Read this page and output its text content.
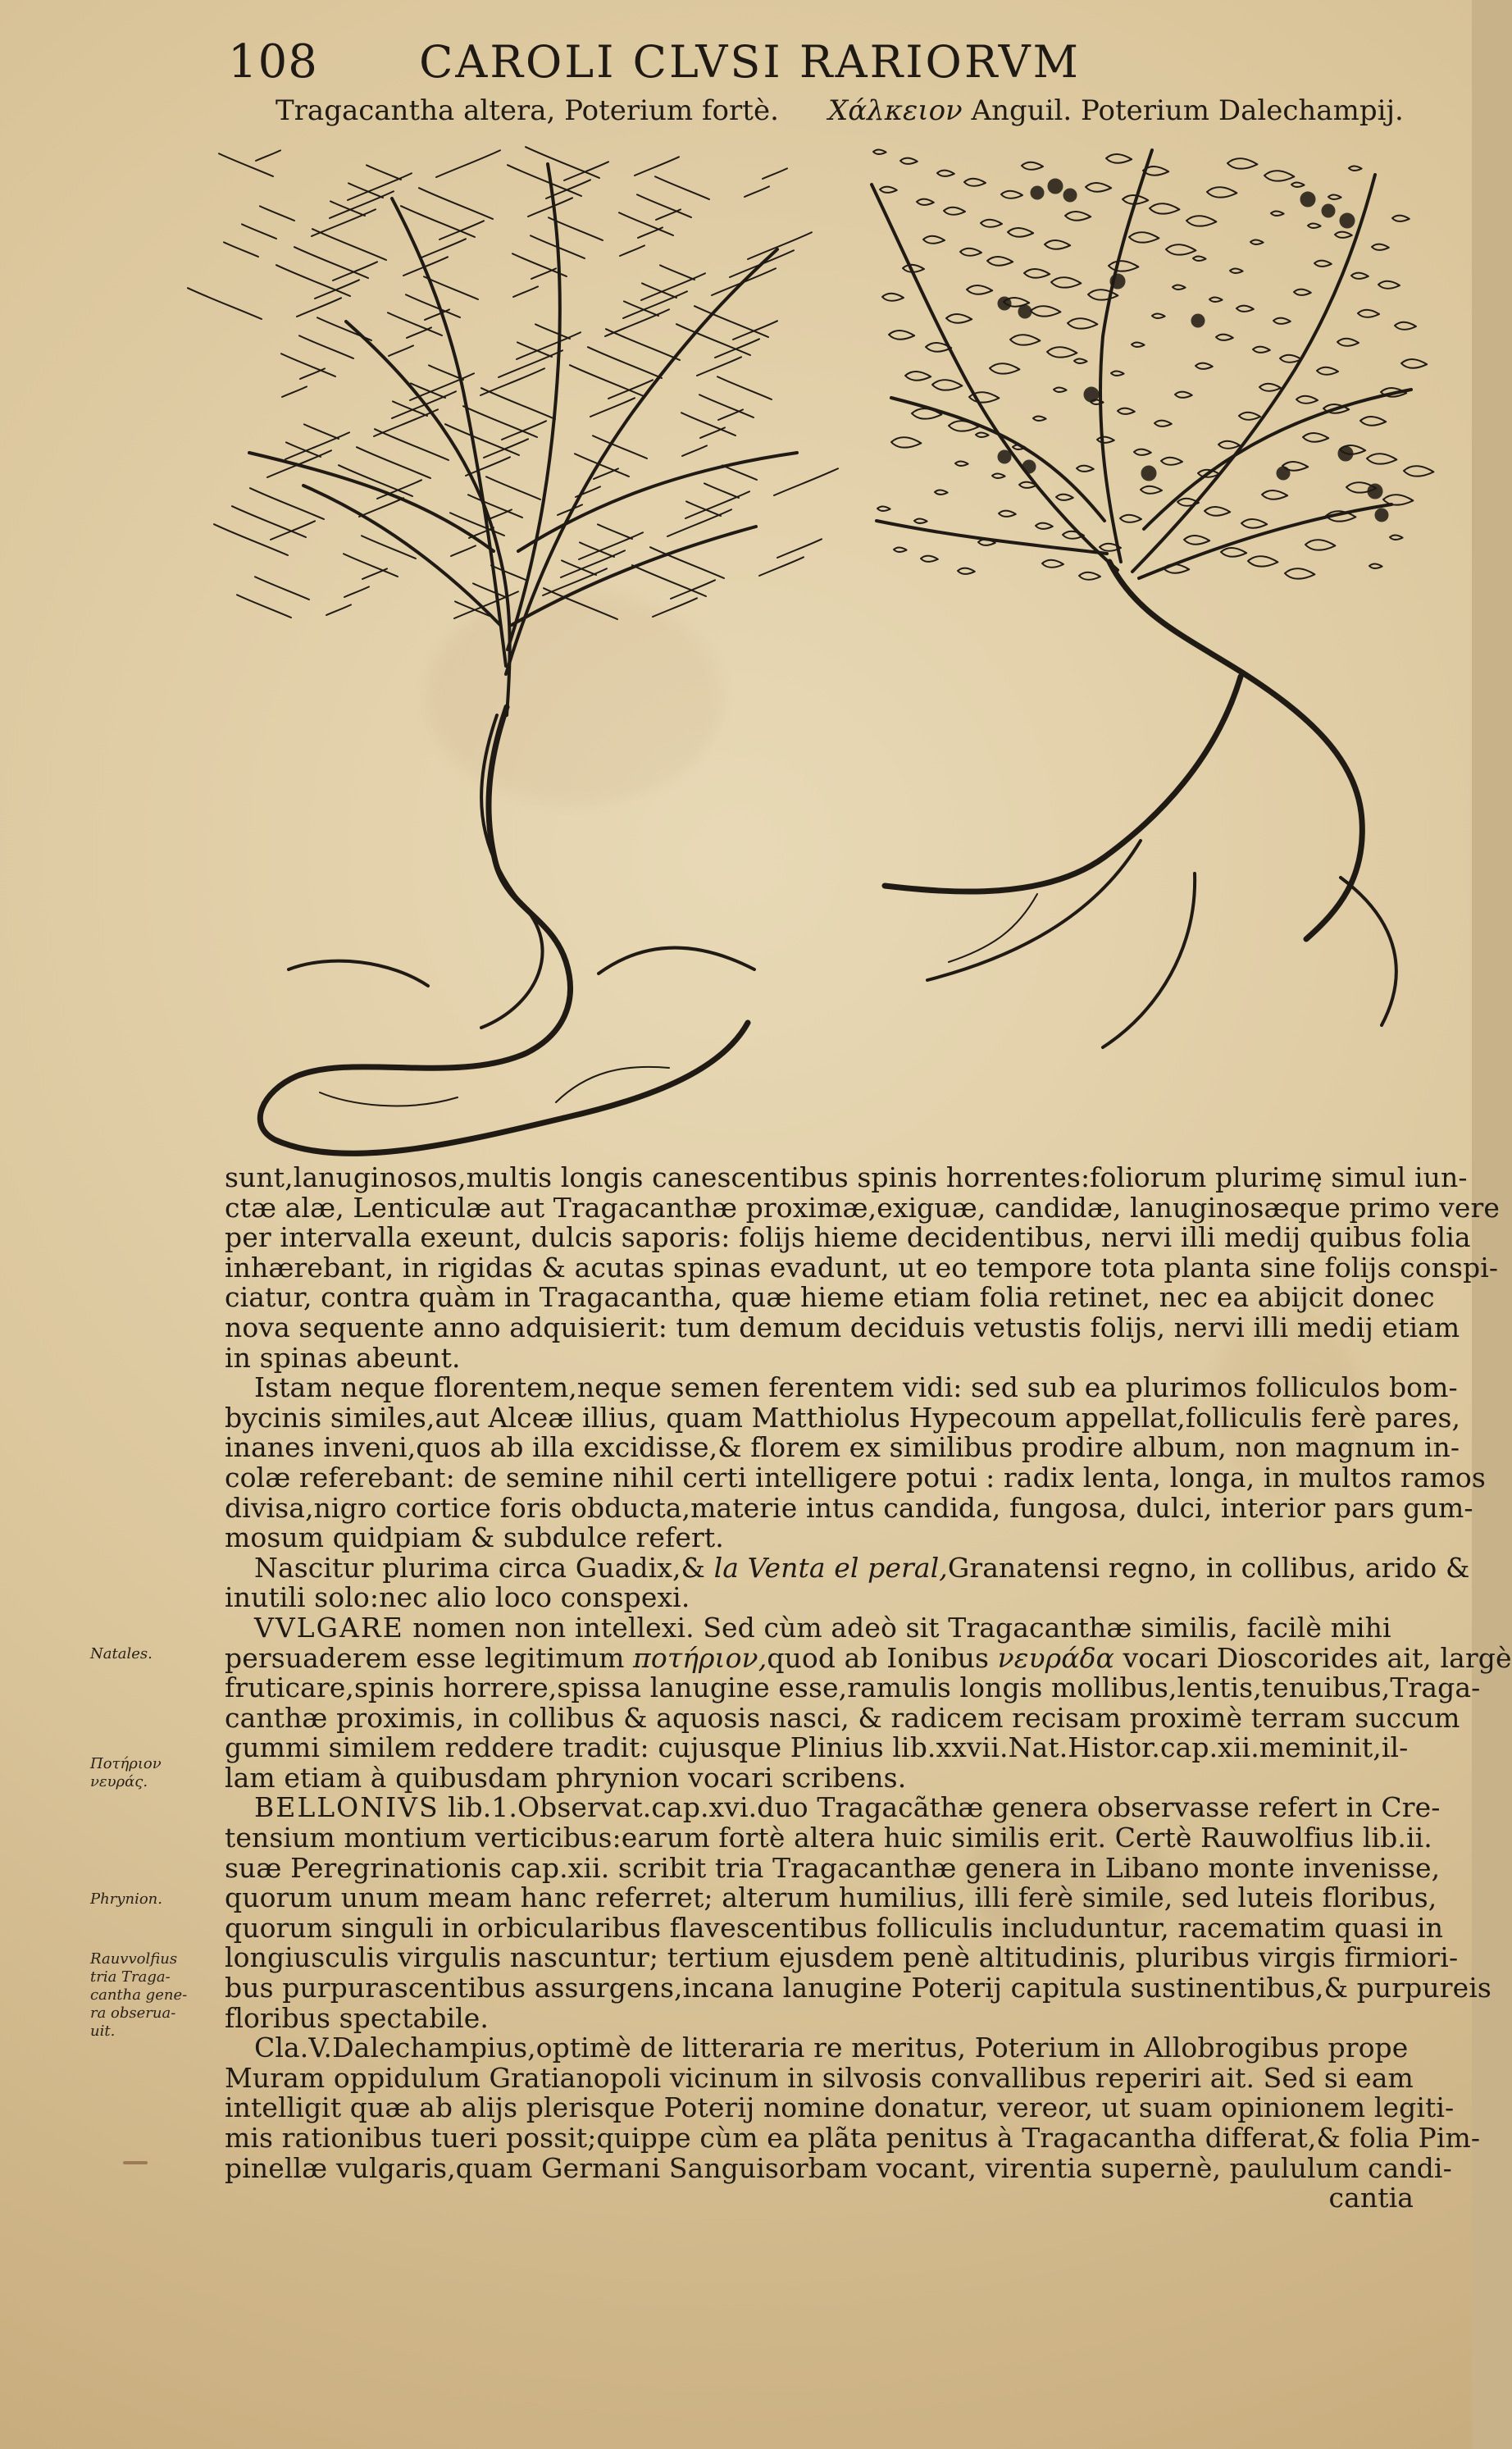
108 CAROLI CLVSI RARIORVM
Tragacantha altera, Poterium fortè. Χάλκειον Anguil. Poterium Dalechampij.
Natales.
Ποτήριον
νευράς.
Phrynion.
Rauvvolfius
tria Traga-
cantha gene-
ra obserua-
uit.
sunt,lanuginosos,multis longis canescentibus spinis horrentes:foliorum plurimę simul iun-
ctæ alæ, Lenticulæ aut Tragacanthæ proximæ,exiguæ, candidæ, lanuginosæque primo vere
per intervalla exeunt, dulcis saporis: folijs hieme decidentibus, nervi illi medij quibus folia
inhærebant, in rigidas & acutas spinas evadunt, ut eo tempore tota planta sine folijs conspi-
ciatur, contra quàm in Tragacantha, quæ hieme etiam folia retinet, nec ea abijcit donec
nova sequente anno adquisierit: tum demum deciduis vetustis folijs, nervi illi medij etiam
in spinas abeunt.
Istam neque florentem,neque semen ferentem vidi: sed sub ea plurimos folliculos bom-
bycinis similes,aut Alceæ illius, quam Matthiolus Hypecoum appellat,folliculis ferè pares,
inanes inveni,quos ab illa excidisse,& florem ex similibus prodire album, non magnum in-
colæ referebant: de semine nihil certi intelligere potui : radix lenta, longa, in multos ramos
divisa,nigro cortice foris obducta,materie intus candida, fungosa, dulci, interior pars gum-
mosum quidpiam & subdulce refert.
Nascitur plurima circa Guadix,& la Venta el peral,Granatensi regno, in collibus, arido &
inutili solo:nec alio loco conspexi.
VVLGARE nomen non intellexi. Sed cùm adeò sit Tragacanthæ similis, facilè mihi
persuaderem esse legitimum ποτήριον,quod ab Ionibus νευράδα vocari Dioscorides ait, largè
fruticare,spinis horrere,spissa lanugine esse,ramulis longis mollibus,lentis,tenuibus,Traga-
canthæ proximis, in collibus & aquosis nasci, & radicem recisam proximè terram succum
gummi similem reddere tradit: cujusque Plinius lib.xxvii.Nat.Histor.cap.xii.meminit,il-
lam etiam à quibusdam phrynion vocari scribens.
BELLONIVS lib.1.Observat.cap.xvi.duo Tragacãthæ genera observasse refert in Cre-
tensium montium verticibus:earum fortè altera huic similis erit. Certè Rauwolfius lib.ii.
suæ Peregrinationis cap.xii. scribit tria Tragacanthæ genera in Libano monte invenisse,
quorum unum meam hanc referret; alterum humilius, illi ferè simile, sed luteis floribus,
quorum singuli in orbicularibus flavescentibus folliculis includuntur, racematim quasi in
longiusculis virgulis nascuntur; tertium ejusdem penè altitudinis, pluribus virgis firmiori-
bus purpurascentibus assurgens,incana lanugine Poterij capitula sustinentibus,& purpureis
floribus spectabile.
Cla.V.Dalechampius,optimè de litteraria re meritus, Poterium in Allobrogibus prope
Muram oppidulum Gratianopoli vicinum in silvosis convallibus reperiri ait. Sed si eam
intelligit quæ ab alijs plerisque Poterij nomine donatur, vereor, ut suam opinionem legiti-
mis rationibus tueri possit;quippe cùm ea plãta penitus à Tragacantha differat,& folia Pim-
pinellæ vulgaris,quam Germani Sanguisorbam vocant, virentia supernè, paululum candi-
cantia
